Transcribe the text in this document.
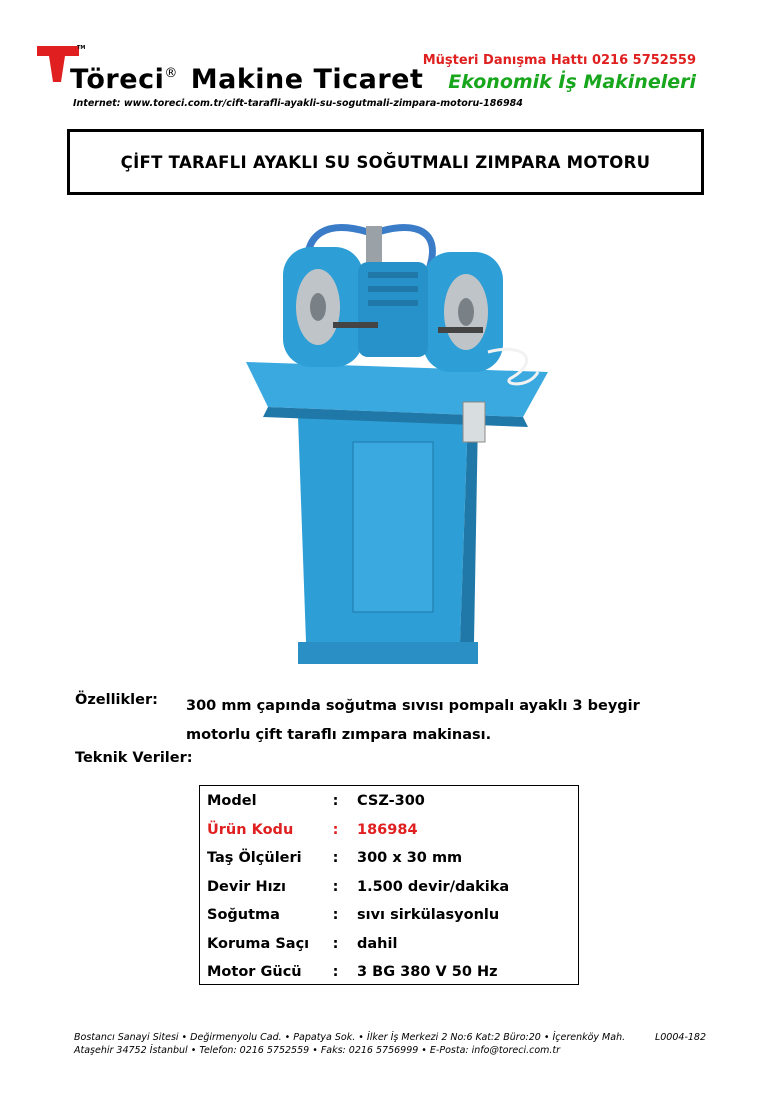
TM
Töreci® Makine Ticaret
Müşteri Danışma Hattı 0216 5752559
Ekonomik İş Makineleri
Internet: www.toreci.com.tr/cift-tarafli-ayakli-su-sogutmali-zimpara-motoru-186984
ÇİFT TARAFLI AYAKLI SU SOĞUTMALI ZIMPARA MOTORU
Özellikler: 300 mm çapında soğutma sıvısı pompalı ayaklı 3 beygir motorlu çift taraflı zımpara makinası.
Teknik Veriler:
Model	:	CSZ-300
Ürün Kodu	:	186984
Taş Ölçüleri	:	300 x 30 mm
Devir Hızı	:	1.500 devir/dakika
Soğutma	:	sıvı sirkülasyonlu
Koruma Saçı	:	dahil
Motor Gücü	:	3 BG 380 V 50 Hz
Bostancı Sanayi Sitesi • Değirmenyolu Cad. • Papatya Sok. • İlker İş Merkezi 2 No:6 Kat:2 Büro:20 • İçerenköy Mah.
Ataşehir 34752 İstanbul • Telefon: 0216 5752559 • Faks: 0216 5756999 • E-Posta: info@toreci.com.tr
L0004-182
